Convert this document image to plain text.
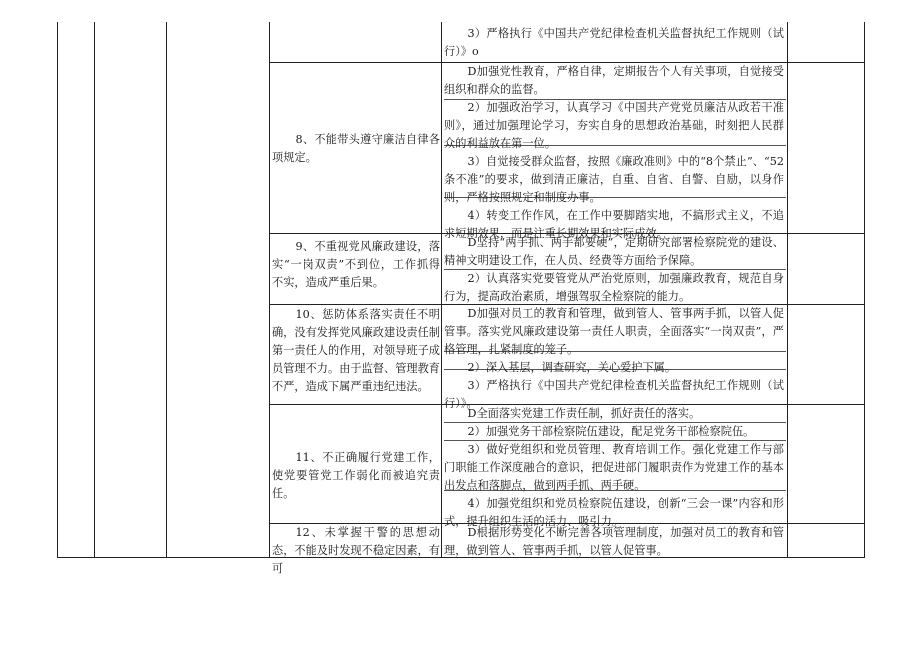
3）严格执行《中国共产党纪律检查机关监督执纪工作规则（试行）》o

8、不能带头遵守廉洁自律各项规定。

D加强党性教育，严格自律，定期报告个人有关事项，自觉接受组织和群众的监督。

2）加强政治学习，认真学习《中国共产党党员廉洁从政若干准则》，通过加强理论学习，夯实自身的思想政治基础，时刻把人民群众的利益放在第一位。

3）自觉接受群众监督，按照《廉政准则》中的“8个禁止”、“52条不准”的要求，做到清正廉洁，自重、自省、自警、自励，以身作则，严格按照规定和制度办事。

4）转变工作作风，在工作中要脚踏实地，不搞形式主义，不追求短期效果，而是注重长期效果和实际成效。

9、不重视党风廉政建设，落实“一岗双责”不到位，工作抓得不实，造成严重后果。

D坚持“两手抓、两手都要硬”，定期研究部署检察院党的建设、精神文明建设工作，在人员、经费等方面给予保障。

2）认真落实党要管党从严治党原则，加强廉政教育，规范自身行为，提高政治素质，增强驾驭全检察院的能力。

10、惩防体系落实责任不明确，没有发挥党风廉政建设责任制第一责任人的作用，对领导班子成员管理不力。由于监督、管理教育不严，造成下属严重违纪违法。

D加强对员工的教育和管理，做到管人、管事两手抓，以管人促管事。落实党风廉政建设第一责任人职责，全面落实“一岗双责”，严格管理，扎紧制度的笼子。

2）深入基层，调查研究，关心爱护下属。

3）严格执行《中国共产党纪律检查机关监督执纪工作规则（试行）》。

11、不正确履行党建工作，使党要管党工作弱化而被追究责任。

D全面落实党建工作责任制，抓好责任的落实。

2）加强党务干部检察院伍建设，配足党务干部检察院伍。

3）做好党组织和党员管理、教育培训工作。强化党建工作与部门职能工作深度融合的意识，把促进部门履职责作为党建工作的基本出发点和落脚点，做到两手抓、两手硬。

4）加强党组织和党员检察院伍建设，创新“三会一课”内容和形式，提升组织生活的活力、吸引力。

12、未掌握干警的思想动态，不能及时发现不稳定因素，有可

D根据形势变化不断完善各项管理制度，加强对员工的教育和管理，做到管人、管事两手抓，以管人促管事。
